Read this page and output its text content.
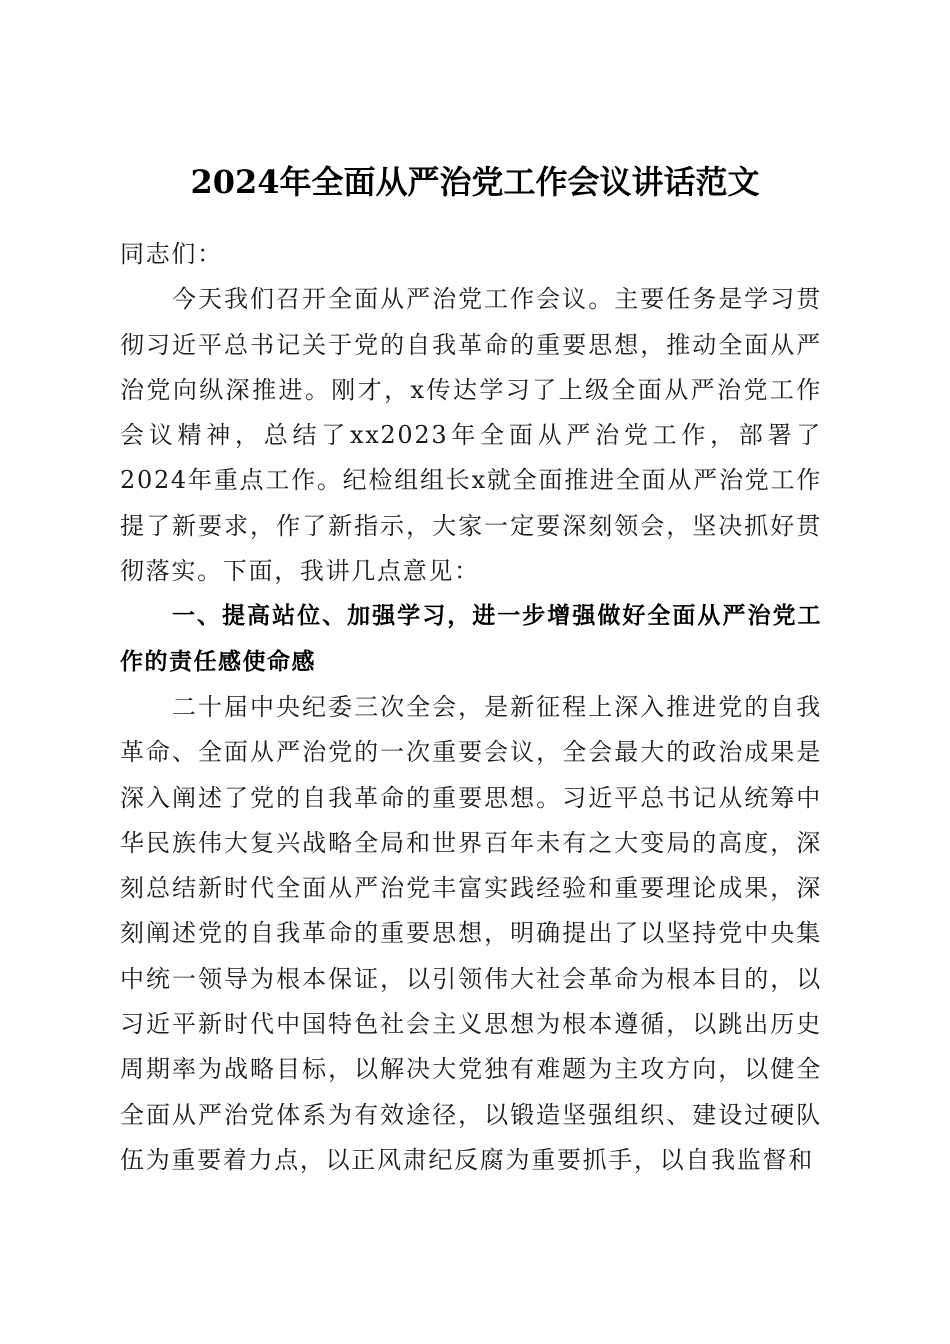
2024年全面从严治党工作会议讲话范文

同志们：

今天我们召开全面从严治党工作会议。主要任务是学习贯彻习近平总书记关于党的自我革命的重要思想，推动全面从严治党向纵深推进。刚才，x传达学习了上级全面从严治党工作会议精神，总结了xx2023年全面从严治党工作，部署了2024年重点工作。纪检组组长x就全面推进全面从严治党工作提了新要求，作了新指示，大家一定要深刻领会，坚决抓好贯彻落实。下面，我讲几点意见：

一、提高站位、加强学习，进一步增强做好全面从严治党工作的责任感使命感

二十届中央纪委三次全会，是新征程上深入推进党的自我革命、全面从严治党的一次重要会议，全会最大的政治成果是深入阐述了党的自我革命的重要思想。习近平总书记从统筹中华民族伟大复兴战略全局和世界百年未有之大变局的高度，深刻总结新时代全面从严治党丰富实践经验和重要理论成果，深刻阐述党的自我革命的重要思想，明确提出了以坚持党中央集中统一领导为根本保证，以引领伟大社会革命为根本目的，以习近平新时代中国特色社会主义思想为根本遵循，以跳出历史周期率为战略目标，以解决大党独有难题为主攻方向，以健全全面从严治党体系为有效途径，以锻造坚强组织、建设过硬队伍为重要着力点，以正风肃纪反腐为重要抓手，以自我监督和
